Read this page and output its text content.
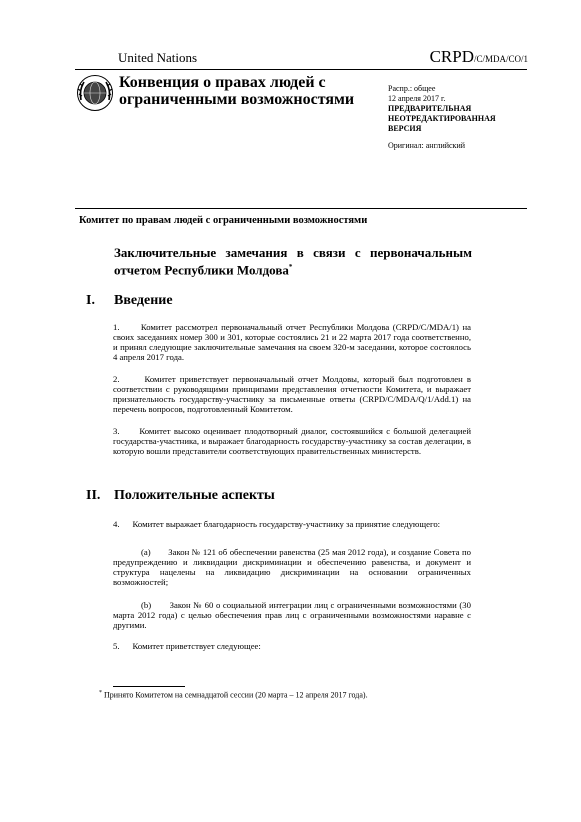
United Nations	CRPD/C/MDA/CO/1
Конвенция о правах людей с
ограниченными возможностями
Распр.: общее
12 апреля 2017 г.
ПРЕДВАРИТЕЛЬНАЯ
НЕОТРЕДАКТИРОВАННАЯ
ВЕРСИЯ
Оригинал: английский
Комитет по правам людей с ограниченными возможностями
Заключительные замечания в связи с первоначальным отчетом Республики Молдова*
I. Введение
1.      Комитет рассмотрел первоначальный отчет Республики Молдова (CRPD/C/MDA/1) на своих заседаниях номер 300 и 301, которые состоялись 21 и 22 марта 2017 года соответственно, и принял следующие заключительные замечания на своем 320-м заседании, которое состоялось 4 апреля 2017 года.
2.      Комитет приветствует первоначальный отчет Молдовы, который был подготовлен в соответствии с руководящими принципами представления отчетности Комитета, и выражает признательность государству-участнику за письменные ответы (CRPD/C/MDA/Q/1/Add.1) на перечень вопросов, подготовленный Комитетом.
3.      Комитет высоко оценивает плодотворный диалог, состоявшийся с большой делегацией государства-участника, и выражает благодарность государству-участнику за состав делегации, в которую вошли представители соответствующих правительственных министерств.
II. Положительные аспекты
4.      Комитет выражает благодарность государству-участнику за принятие следующего:
(a)       Закон № 121 об обеспечении равенства (25 мая 2012 года), и создание Совета по предупреждению и ликвидации дискриминации и обеспечению равенства, и документ и структура нацелены на ликвидацию дискриминации на основании ограниченных возможностей;
(b)       Закон № 60 о социальной интеграции лиц с ограниченными возможностями (30 марта 2012 года) с целью обеспечения прав лиц с ограниченными возможностями наравне с другими.
5.      Комитет приветствует следующее:
* Принято Комитетом на семнадцатой сессии (20 марта – 12 апреля 2017 года).
